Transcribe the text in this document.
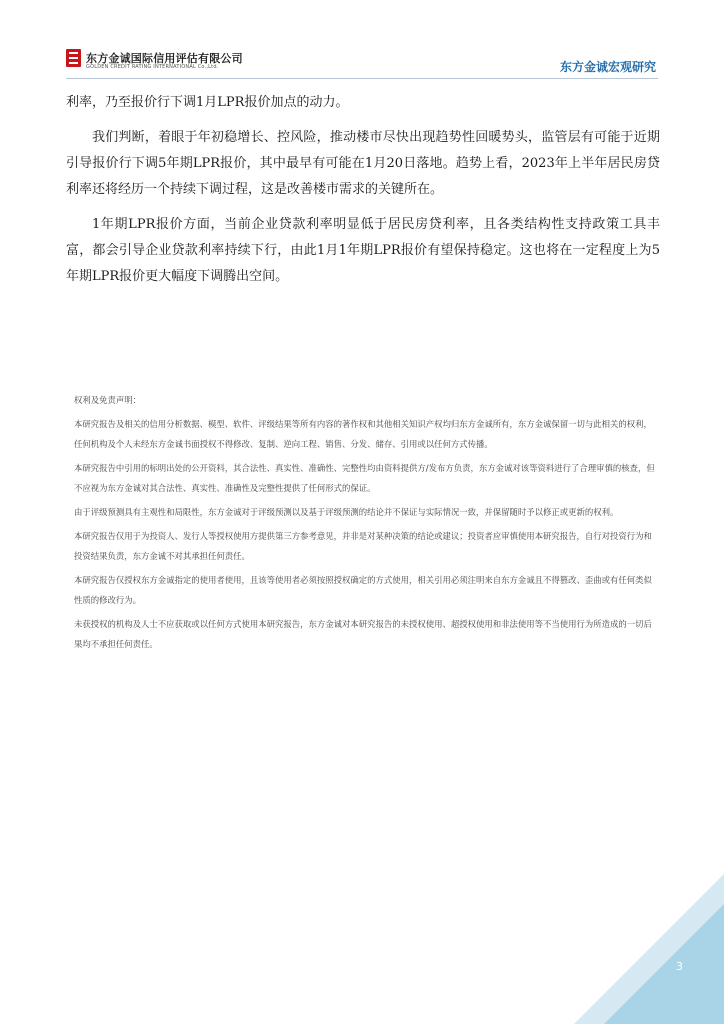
东方金诚国际信用评估有限公司
GOLDEN CREDIT RATING INTERNATIONAL Co.,Ltd.	东方金诚宏观研究

利率，乃至报价行下调1月LPR报价加点的动力。

我们判断，着眼于年初稳增长、控风险，推动楼市尽快出现趋势性回暖势头，监管层有可能于近期引导报价行下调5年期LPR报价，其中最早有可能在1月20日落地。趋势上看，2023年上半年居民房贷利率还将经历一个持续下调过程，这是改善楼市需求的关键所在。

1年期LPR报价方面，当前企业贷款利率明显低于居民房贷利率，且各类结构性支持政策工具丰富，都会引导企业贷款利率持续下行，由此1月1年期LPR报价有望保持稳定。这也将在一定程度上为5年期LPR报价更大幅度下调腾出空间。

权利及免责声明：

本研究报告及相关的信用分析数据、模型、软件、评级结果等所有内容的著作权和其他相关知识产权均归东方金诚所有，东方金诚保留一切与此相关的权利，任何机构及个人未经东方金诚书面授权不得修改、复制、逆向工程、销售、分发、储存、引用或以任何方式传播。

本研究报告中引用的标明出处的公开资料，其合法性、真实性、准确性、完整性均由资料提供方/发布方负责，东方金诚对该等资料进行了合理审慎的核查，但不应视为东方金诚对其合法性、真实性、准确性及完整性提供了任何形式的保证。

由于评级预测具有主观性和局限性，东方金诚对于评级预测以及基于评级预测的结论并不保证与实际情况一致，并保留随时予以修正或更新的权利。

本研究报告仅用于为投资人、发行人等授权使用方提供第三方参考意见，并非是对某种决策的结论或建议；投资者应审慎使用本研究报告，自行对投资行为和投资结果负责，东方金诚不对其承担任何责任。

本研究报告仅授权东方金诚指定的使用者使用，且该等使用者必须按照授权确定的方式使用，相关引用必须注明来自东方金诚且不得篡改、歪曲或有任何类似性质的修改行为。

未获授权的机构及人士不应获取或以任何方式使用本研究报告，东方金诚对本研究报告的未授权使用、超授权使用和非法使用等不当使用行为所造成的一切后果均不承担任何责任。

3
